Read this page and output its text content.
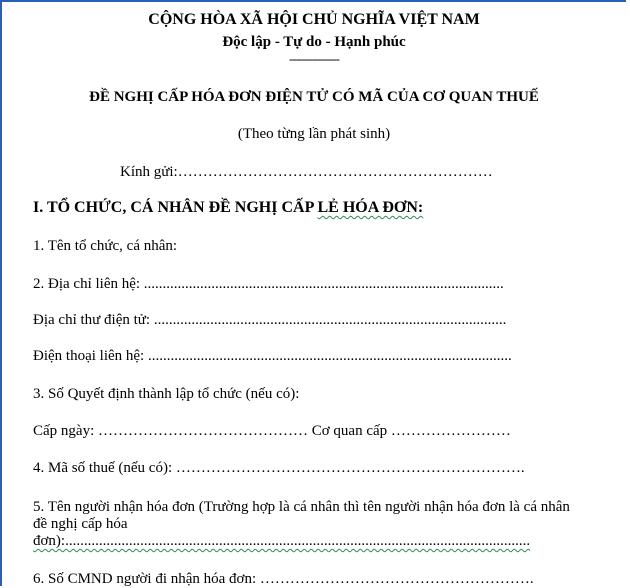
CỘNG HÒA XÃ HỘI CHỦ NGHĨA VIỆT NAM
Độc lập - Tự do - Hạnh phúc
---------------
ĐỀ NGHỊ CẤP HÓA ĐƠN ĐIỆN TỬ CÓ MÃ CỦA CƠ QUAN THUẾ
(Theo từng lần phát sinh)
Kính gửi:………………………………………………………
I. TỔ CHỨC, CÁ NHÂN ĐỀ NGHỊ CẤP LẺ HÓA ĐƠN:
1. Tên tổ chức, cá nhân:
2. Địa chỉ liên hệ: ................................................................................................
Địa chỉ thư điện tử: ..............................................................................................
Điện thoại liên hệ: .................................................................................................
3. Số Quyết định thành lập tổ chức (nếu có):
Cấp ngày: …………………………………… Cơ quan cấp ……………………
4. Mã số thuế (nếu có): …………………………………………………………….
5. Tên người nhận hóa đơn (Trường hợp là cá nhân thì tên người nhận hóa đơn là cá nhân đề nghị cấp hóa
đơn):............................................................................................................................
6. Số CMND người đi nhận hóa đơn: ……………………………………………….
